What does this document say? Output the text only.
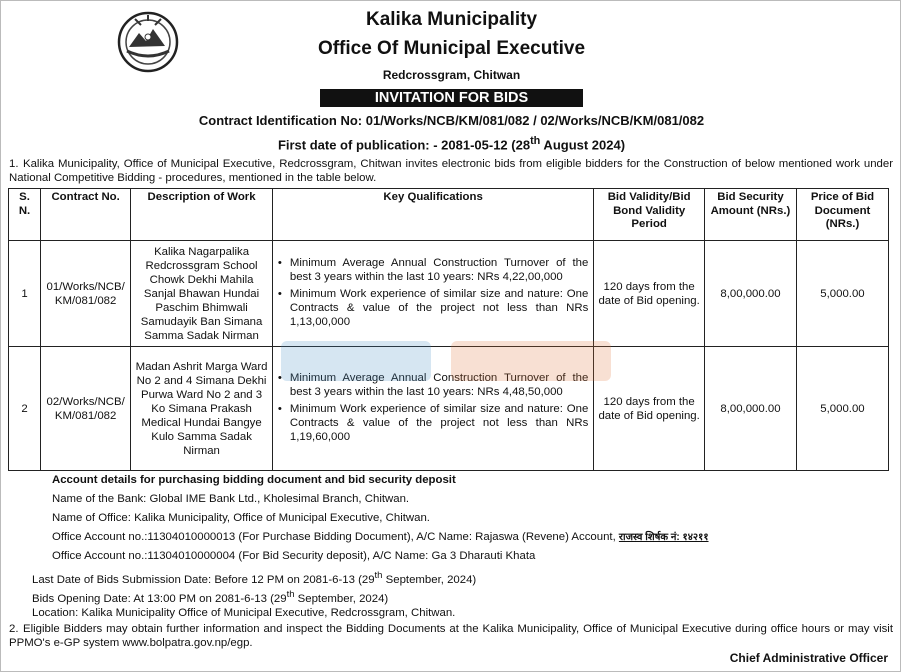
Kalika Municipality
Office Of Municipal Executive
Redcrossgram, Chitwan
INVITATION FOR BIDS
Contract Identification No: 01/Works/NCB/KM/081/082 / 02/Works/NCB/KM/081/082
First date of publication: - 2081-05-12 (28th August 2024)
1. Kalika Municipality, Office of Municipal Executive, Redcrossgram, Chitwan invites electronic bids from eligible bidders for the Construction of below mentioned work under National Competitive Bidding - procedures, mentioned in the table below.
S. N.	Contract No.	Description of Work	Key Qualifications	Bid Validity/Bid Bond Validity Period	Bid Security Amount (NRs.)	Price of Bid Document (NRs.)
1	01/Works/NCB/ KM/081/082	Kalika Nagarpalika Redcrossgram School Chowk Dekhi Mahila Sanjal Bhawan Hundai Paschim Bhimwali Samudayik Ban Simana Samma Sadak Nirman	• Minimum Average Annual Construction Turnover of the best 3 years within the last 10 years: NRs 4,22,00,000
• Minimum Work experience of similar size and nature: One Contracts & value of the project not less than NRs 1,13,00,000	120 days from the date of Bid opening.	8,00,000.00	5,000.00
2	02/Works/NCB/ KM/081/082	Madan Ashrit Marga Ward No 2 and 4 Simana Dekhi Purwa Ward No 2 and 3 Ko Simana Prakash Medical Hundai Bangye Kulo Samma Sadak Nirman	• Minimum Average Annual Construction Turnover of the best 3 years within the last 10 years: NRs 4,48,50,000
• Minimum Work experience of similar size and nature: One Contracts & value of the project not less than NRs 1,19,60,000	120 days from the date of Bid opening.	8,00,000.00	5,000.00
Account details for purchasing bidding document and bid security deposit
Name of the Bank: Global IME Bank Ltd., Kholesimal Branch, Chitwan.
Name of Office: Kalika Municipality, Office of Municipal Executive, Chitwan.
Office Account no.:11304010000013 (For Purchase Bidding Document), A/C Name: Rajaswa (Revene) Account, राजस्व शिर्षक नं: १४२११
Office Account no.:11304010000004 (For Bid Security deposit), A/C Name: Ga 3 Dharauti Khata
Last Date of Bids Submission Date: Before 12 PM on 2081-6-13 (29th September, 2024)
Bids Opening Date: At 13:00 PM on 2081-6-13 (29th September, 2024)
Location: Kalika Municipality Office of Municipal Executive, Redcrossgram, Chitwan.
2. Eligible Bidders may obtain further information and inspect the Bidding Documents at the Kalika Municipality, Office of Municipal Executive during office hours or may visit PPMO's e-GP system www.bolpatra.gov.np/egp.
Chief Administrative Officer
